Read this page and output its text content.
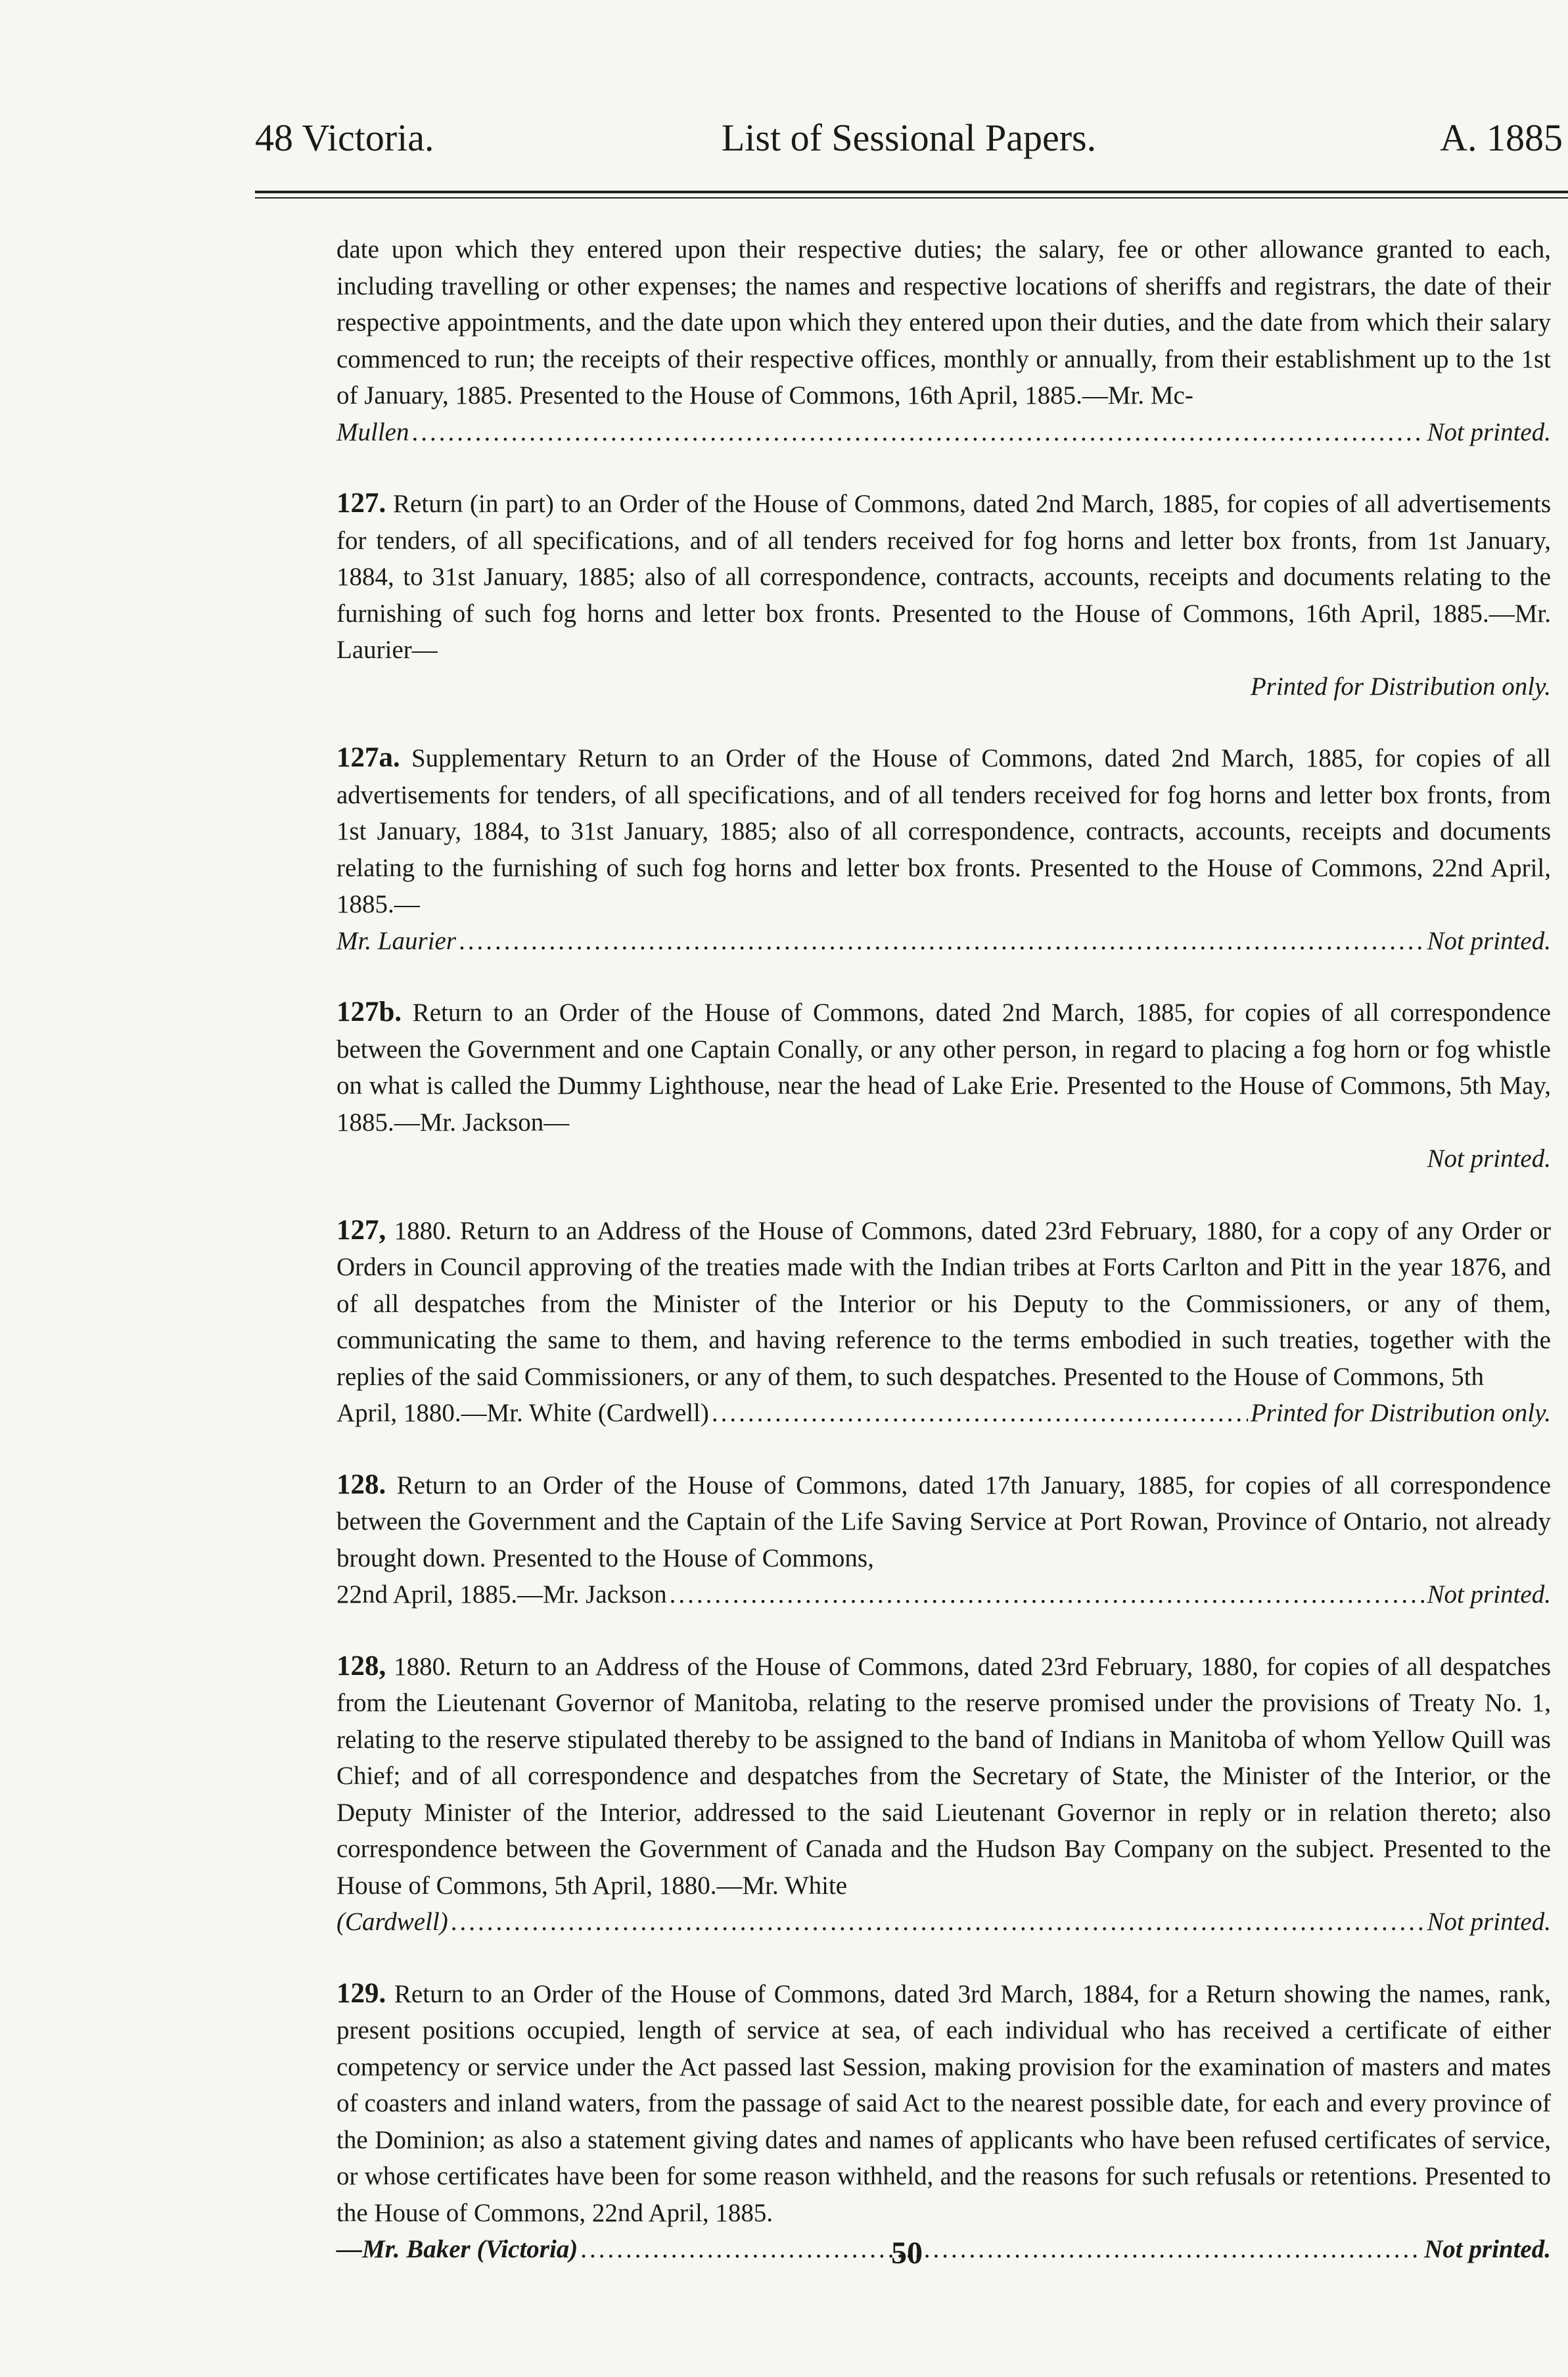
48 Victoria.	List of Sessional Papers.	A. 1885
date upon which they entered upon their respective duties; the salary, fee or other allowance granted to each, including travelling or other expenses; the names and respective locations of sheriffs and registrars, the date of their respective appointments, and the date upon which they entered upon their duties, and the date from which their salary commenced to run; the receipts of their respective offices, monthly or annually, from their establishment up to the 1st of January, 1885. Presented to the House of Commons, 16th April, 1885.—Mr. Mc-
Mullen .....	Not printed.
127. Return (in part) to an Order of the House of Commons, dated 2nd March, 1885, for copies of all advertisements for tenders, of all specifications, and of all tenders received for fog horns and letter box fronts, from 1st January, 1884, to 31st January, 1885; also of all correspondence, contracts, accounts, receipts and documents relating to the furnishing of such fog horns and letter box fronts. Presented to the House of Commons, 16th April, 1885.—Mr. Laurier—
Printed for Distribution only.
127a. Supplementary Return to an Order of the House of Commons, dated 2nd March, 1885, for copies of all advertisements for tenders, of all specifications, and of all tenders received for fog horns and letter box fronts, from 1st January, 1884, to 31st January, 1885; also of all correspondence, contracts, accounts, receipts and documents relating to the furnishing of such fog horns and letter box fronts. Presented to the House of Commons, 22nd April, 1885.—
Mr. Laurier .....	Not printed.
127b. Return to an Order of the House of Commons, dated 2nd March, 1885, for copies of all correspondence between the Government and one Captain Conally, or any other person, in regard to placing a fog horn or fog whistle on what is called the Dummy Lighthouse, near the head of Lake Erie. Presented to the House of Commons, 5th May, 1885.—Mr. Jackson—
Not printed.
127, 1880. Return to an Address of the House of Commons, dated 23rd February, 1880, for a copy of any Order or Orders in Council approving of the treaties made with the Indian tribes at Forts Carlton and Pitt in the year 1876, and of all despatches from the Minister of the Interior or his Deputy to the Commissioners, or any of them, communicating the same to them, and having reference to the terms embodied in such treaties, together with the replies of the said Commissioners, or any of them, to such despatches. Presented to the House of Commons, 5th
April, 1880.—Mr. White (Cardwell) .....	Printed for Distribution only.
128. Return to an Order of the House of Commons, dated 17th January, 1885, for copies of all correspondence between the Government and the Captain of the Life Saving Service at Port Rowan, Province of Ontario, not already brought down. Presented to the House of Commons,
22nd April, 1885.—Mr. Jackson .....	Not printed.
128, 1880. Return to an Address of the House of Commons, dated 23rd February, 1880, for copies of all despatches from the Lieutenant Governor of Manitoba, relating to the reserve promised under the provisions of Treaty No. 1, relating to the reserve stipulated thereby to be assigned to the band of Indians in Manitoba of whom Yellow Quill was Chief; and of all correspondence and despatches from the Secretary of State, the Minister of the Interior, or the Deputy Minister of the Interior, addressed to the said Lieutenant Governor in reply or in relation thereto; also correspondence between the Government of Canada and the Hudson Bay Company on the subject. Presented to the House of Commons, 5th April, 1880.—Mr. White
(Cardwell) .....	Not printed.
129. Return to an Order of the House of Commons, dated 3rd March, 1884, for a Return showing the names, rank, present positions occupied, length of service at sea, of each individual who has received a certificate of either competency or service under the Act passed last Session, making provision for the examination of masters and mates of coasters and inland waters, from the passage of said Act to the nearest possible date, for each and every province of the Dominion; as also a statement giving dates and names of applicants who have been refused certificates of service, or whose certificates have been for some reason withheld, and the reasons for such refusals or retentions. Presented to the House of Commons, 22nd April, 1885.
—Mr. Baker (Victoria) .....	Not printed.
50
